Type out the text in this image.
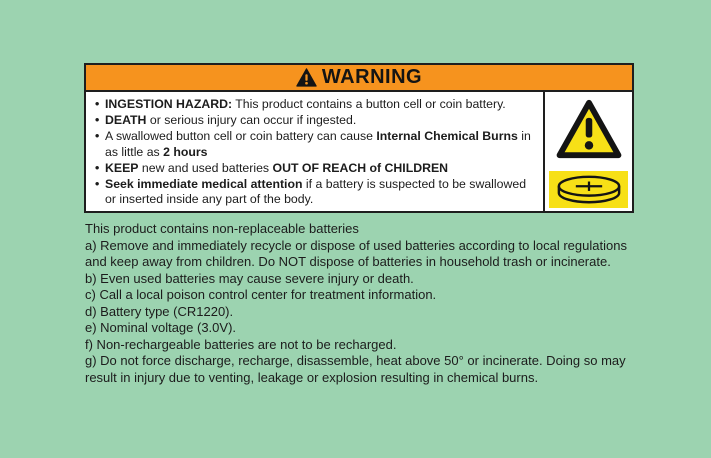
WARNING
• INGESTION HAZARD: This product contains a button cell or coin battery.
• DEATH or serious injury can occur if ingested.
• A swallowed button cell or coin battery can cause Internal Chemical Burns in as little as 2 hours
• KEEP new and used batteries OUT OF REACH of CHILDREN
• Seek immediate medical attention if a battery is suspected to be swallowed or inserted inside any part of the body.
This product contains non-replaceable batteries
a) Remove and immediately recycle or dispose of used batteries according to local regulations and keep away from children. Do NOT dispose of batteries in household trash or incinerate.
b) Even used batteries may cause severe injury or death.
c) Call a local poison control center for treatment information.
d) Battery type (CR1220).
e) Nominal voltage (3.0V).
f) Non-rechargeable batteries are not to be recharged.
g) Do not force discharge, recharge, disassemble, heat above 50° or incinerate. Doing so may result in injury due to venting, leakage or explosion resulting in chemical burns.
